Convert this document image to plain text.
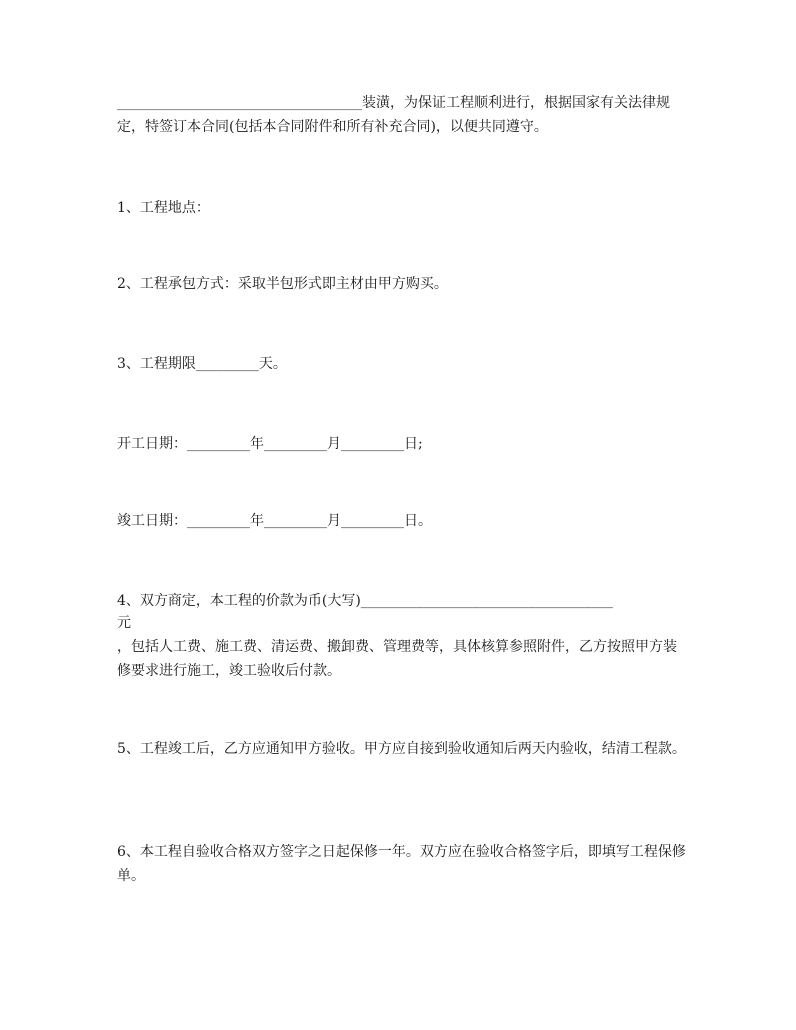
___________________________________装潢，为保证工程顺利进行，根据国家有关法律规定，特签订本合同(包括本合同附件和所有补充合同)，以便共同遵守。

1、工程地点：

2、工程承包方式：采取半包形式即主材由甲方购买。

3、工程期限_________天。

开工日期：_________年_________月_________日;

竣工日期：_________年_________月_________日。

4、双方商定，本工程的价款为币(大写)____________________________________

元

，包括人工费、施工费、清运费、搬卸费、管理费等，具体核算参照附件，乙方按照甲方装修要求进行施工，竣工验收后付款。

5、工程竣工后，乙方应通知甲方验收。甲方应自接到验收通知后两天内验收，结清工程款。

6、本工程自验收合格双方签字之日起保修一年。双方应在验收合格签字后，即填写工程保修单。
